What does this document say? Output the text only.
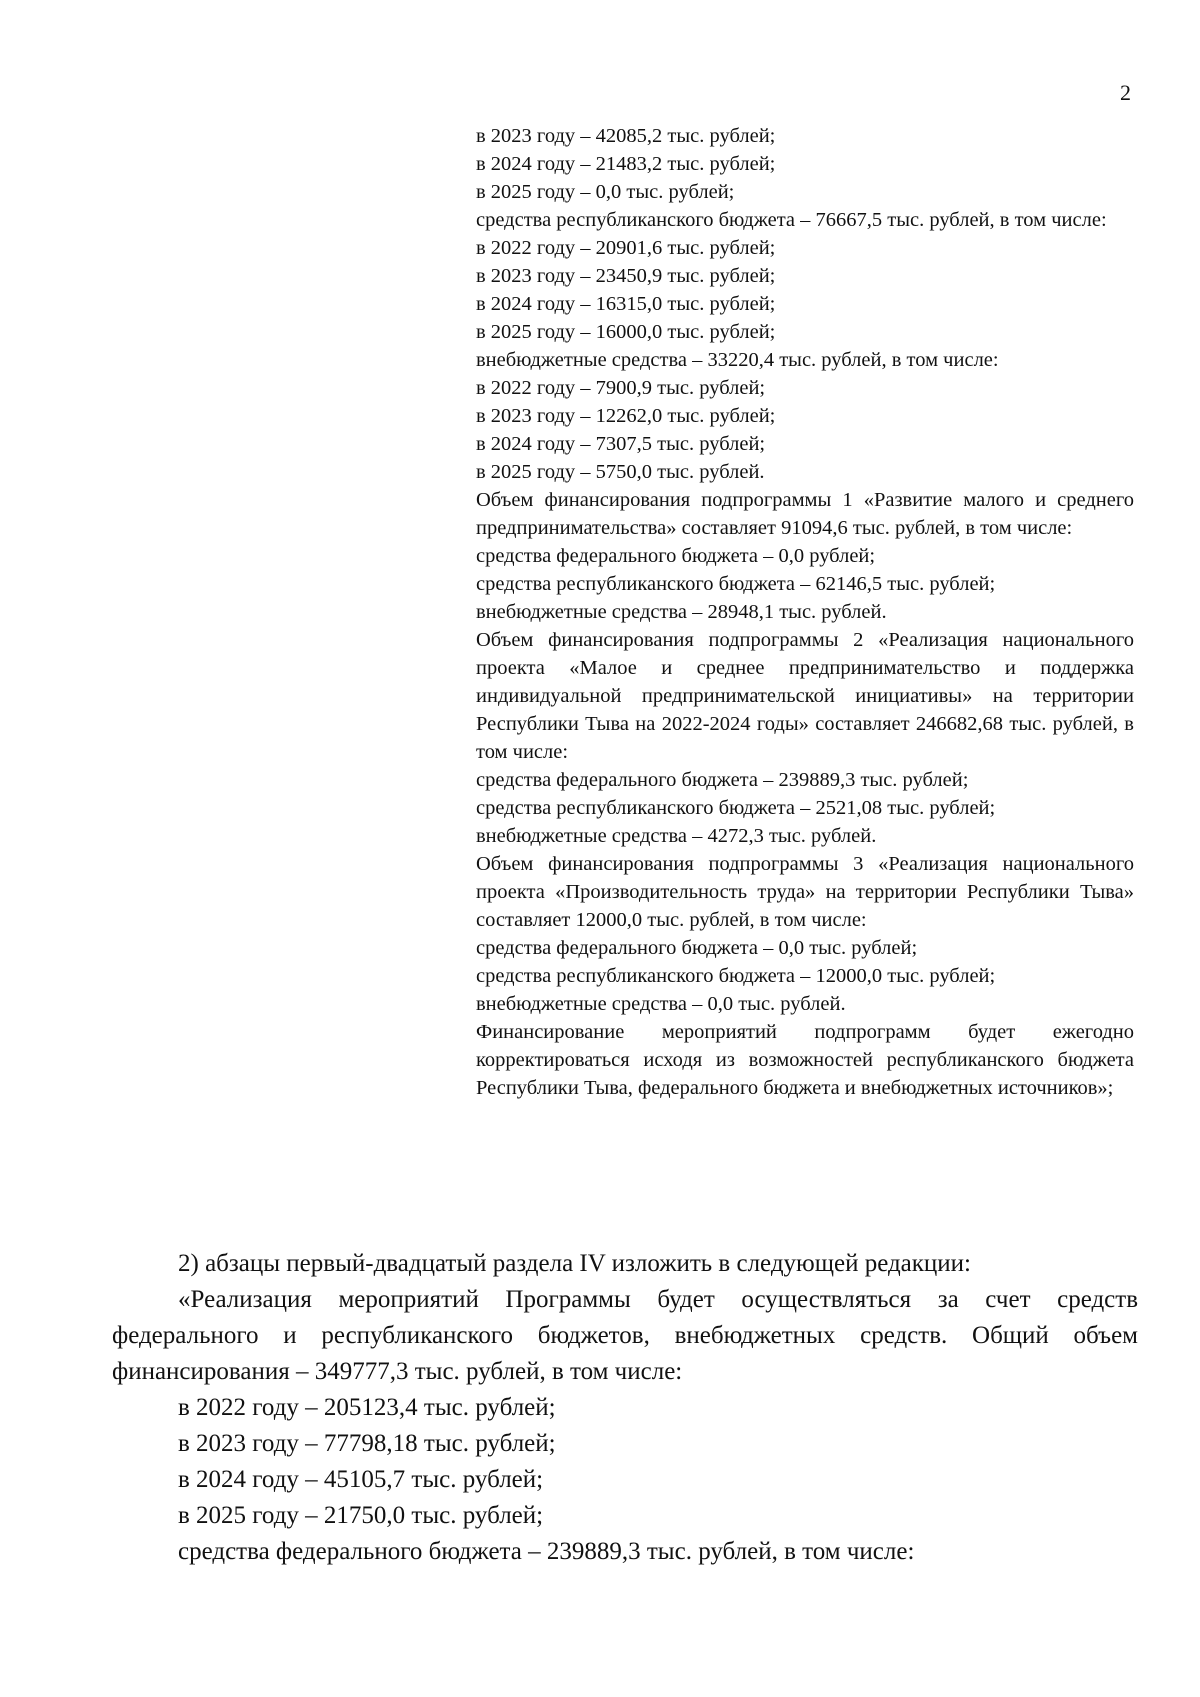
2
в 2023 году – 42085,2 тыс. рублей;
в 2024 году – 21483,2 тыс. рублей;
в 2025 году – 0,0 тыс. рублей;
средства республиканского бюджета – 76667,5 тыс. рублей, в том числе:
в 2022 году – 20901,6 тыс. рублей;
в 2023 году – 23450,9 тыс. рублей;
в 2024 году – 16315,0 тыс. рублей;
в 2025 году – 16000,0 тыс. рублей;
внебюджетные средства – 33220,4 тыс. рублей, в том числе:
в 2022 году – 7900,9 тыс. рублей;
в 2023 году – 12262,0 тыс. рублей;
в 2024 году – 7307,5 тыс. рублей;
в 2025 году – 5750,0 тыс. рублей.
Объем финансирования подпрограммы 1 «Развитие малого и среднего предпринимательства» составляет 91094,6 тыс. рублей, в том числе:
средства федерального бюджета – 0,0 рублей;
средства республиканского бюджета – 62146,5 тыс. рублей;
внебюджетные средства – 28948,1 тыс. рублей.
Объем финансирования подпрограммы 2 «Реализация национального проекта «Малое и среднее предпринимательство и поддержка индивидуальной предпринимательской инициативы» на территории Республики Тыва на 2022-2024 годы» составляет 246682,68 тыс. рублей, в том числе:
средства федерального бюджета – 239889,3 тыс. рублей;
средства республиканского бюджета – 2521,08 тыс. рублей;
внебюджетные средства – 4272,3 тыс. рублей.
Объем финансирования подпрограммы 3 «Реализация национального проекта «Производительность труда» на территории Республики Тыва» составляет 12000,0 тыс. рублей, в том числе:
средства федерального бюджета – 0,0 тыс. рублей;
средства республиканского бюджета – 12000,0 тыс. рублей;
внебюджетные средства – 0,0 тыс. рублей.
Финансирование мероприятий подпрограмм будет ежегодно корректироваться исходя из возможностей республиканского бюджета Республики Тыва, федерального бюджета и внебюджетных источников»;
2) абзацы первый-двадцатый раздела IV изложить в следующей редакции:
«Реализация мероприятий Программы будет осуществляться за счет средств федерального и республиканского бюджетов, внебюджетных средств. Общий объем финансирования – 349777,3 тыс. рублей, в том числе:
в 2022 году – 205123,4 тыс. рублей;
в 2023 году – 77798,18 тыс. рублей;
в 2024 году – 45105,7 тыс. рублей;
в 2025 году – 21750,0 тыс. рублей;
средства федерального бюджета – 239889,3 тыс. рублей, в том числе:
